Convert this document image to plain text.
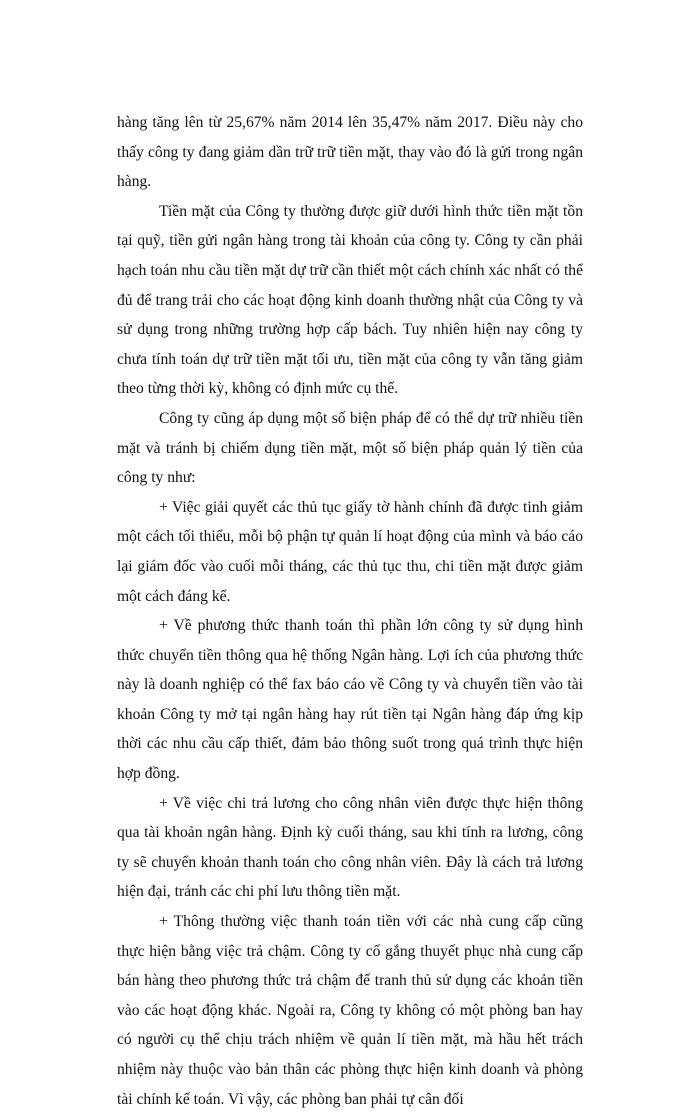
hàng tăng lên từ 25,67% năm 2014 lên 35,47% năm 2017. Điều này cho thấy công ty đang giảm dần trữ trữ tiền mặt, thay vào đó là gửi trong ngân hàng.

Tiền mặt của Công ty thường được giữ dưới hình thức tiền mặt tồn tại quỹ, tiền gửi ngân hàng trong tài khoản của công ty. Công ty cần phải hạch toán nhu cầu tiền mặt dự trữ cần thiết một cách chính xác nhất có thể đủ để trang trải cho các hoạt động kinh doanh thường nhật của Công ty và sử dụng trong những trường hợp cấp bách. Tuy nhiên hiện nay công ty chưa tính toán dự trữ tiền mặt tối ưu, tiền mặt của công ty vẫn tăng giảm theo từng thời kỳ, không có định mức cụ thể.

Công ty cũng áp dụng một số biện pháp để có thể dự trữ nhiều tiền mặt và tránh bị chiếm dụng tiền mặt, một số biện pháp quản lý tiền của công ty như:

+ Việc giải quyết các thủ tục giấy tờ hành chính đã được tinh giảm một cách tối thiểu, mỗi bộ phận tự quản lí hoạt động của mình và báo cáo lại giám đốc vào cuối mỗi tháng, các thủ tục thu, chi tiền mặt được giảm một cách đáng kể.

+ Về phương thức thanh toán thì phần lớn công ty sử dụng hình thức chuyển tiền thông qua hệ thống Ngân hàng. Lợi ích của phương thức này là doanh nghiệp có thể fax báo cáo về Công ty và chuyển tiền vào tài khoản Công ty mở tại ngân hàng hay rút tiền tại Ngân hàng đáp ứng kịp thời các nhu cầu cấp thiết, đảm bảo thông suốt trong quá trình thực hiện hợp đồng.

+ Về việc chi trả lương cho công nhân viên được thực hiện thông qua tài khoản ngân hàng. Định kỳ cuối tháng, sau khi tính ra lương, công ty sẽ chuyển khoản thanh toán cho công nhân viên. Đây là cách trả lương hiện đại, tránh các chi phí lưu thông tiền mặt.

+ Thông thường việc thanh toán tiền với các nhà cung cấp cũng thực hiện bằng việc trả chậm. Công ty cố gắng thuyết phục nhà cung cấp bán hàng theo phương thức trả chậm để tranh thủ sử dụng các khoản tiền vào các hoạt động khác. Ngoài ra, Công ty không có một phòng ban hay có người cụ thể chịu trách nhiệm về quản lí tiền mặt, mà hầu hết trách nhiệm này thuộc vào bản thân các phòng thực hiện kinh doanh và phòng tài chính kế toán. Vì vậy, các phòng ban phải tự cân đối
